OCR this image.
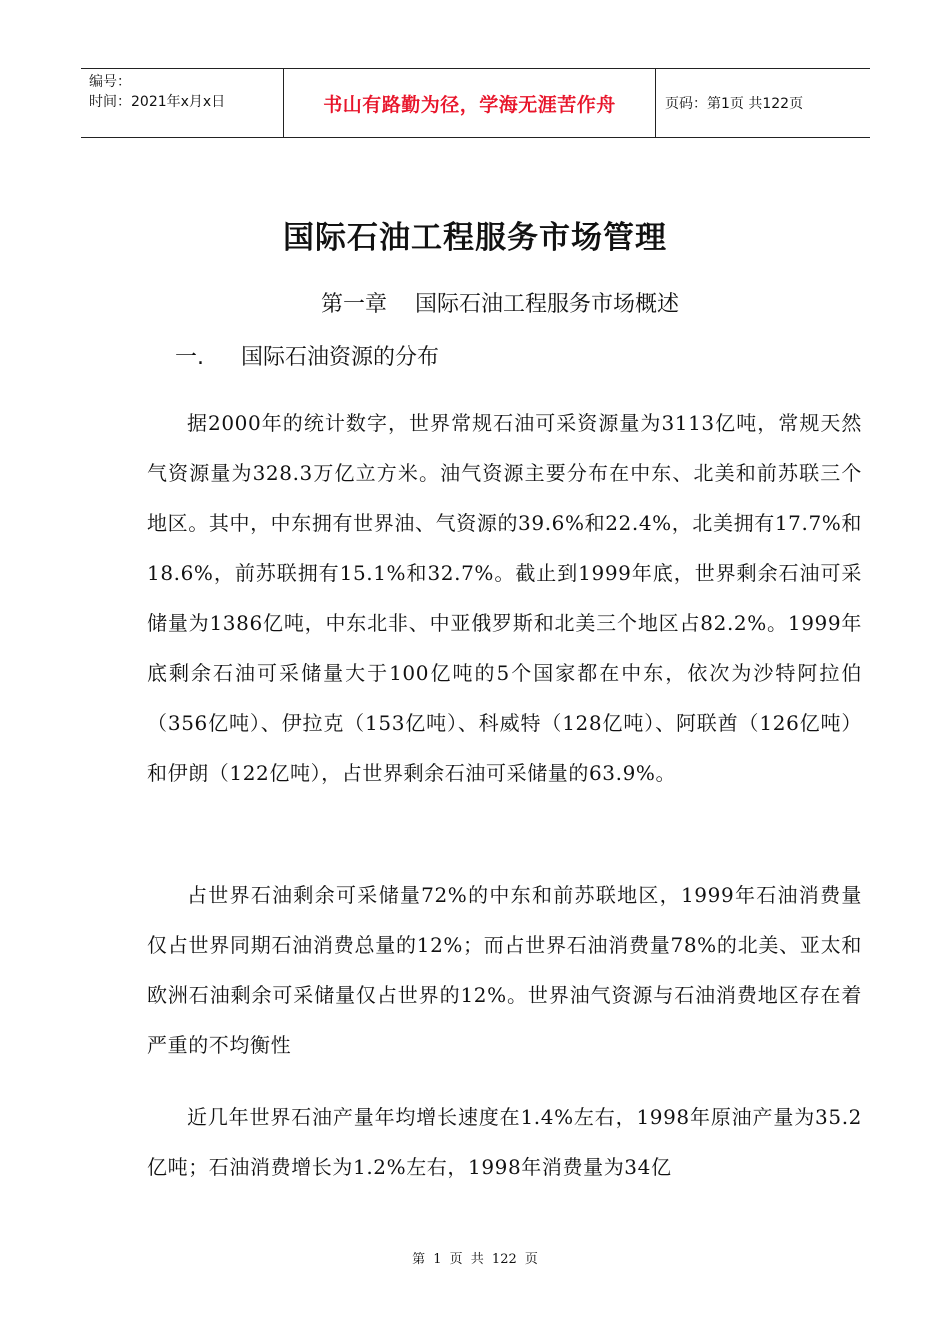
编号：
时间：2021年x月x日	书山有路勤为径，学海无涯苦作舟	页码：第1页 共122页
国际石油工程服务市场管理
第一章    国际石油工程服务市场概述
一. 国际石油资源的分布

据2000年的统计数字，世界常规石油可采资源量为3113亿吨，常规天然气资源量为328.3万亿立方米。油气资源主要分布在中东、北美和前苏联三个地区。其中，中东拥有世界油、气资源的39.6%和22.4%，北美拥有17.7%和18.6%，前苏联拥有15.1%和32.7%。截止到1999年底，世界剩余石油可采储量为1386亿吨，中东北非、中亚俄罗斯和北美三个地区占82.2%。1999年底剩余石油可采储量大于100亿吨的5个国家都在中东，依次为沙特阿拉伯（356亿吨）、伊拉克（153亿吨）、科威特（128亿吨）、阿联酋（126亿吨）和伊朗（122亿吨），占世界剩余石油可采储量的63.9%。

占世界石油剩余可采储量72%的中东和前苏联地区，1999年石油消费量仅占世界同期石油消费总量的12%；而占世界石油消费量78%的北美、亚太和欧洲石油剩余可采储量仅占世界的12%。世界油气资源与石油消费地区存在着严重的不均衡性

近几年世界石油产量年均增长速度在1.4%左右，1998年原油产量为35.2亿吨；石油消费增长为1.2%左右，1998年消费量为34亿

第 1 页 共 122 页
